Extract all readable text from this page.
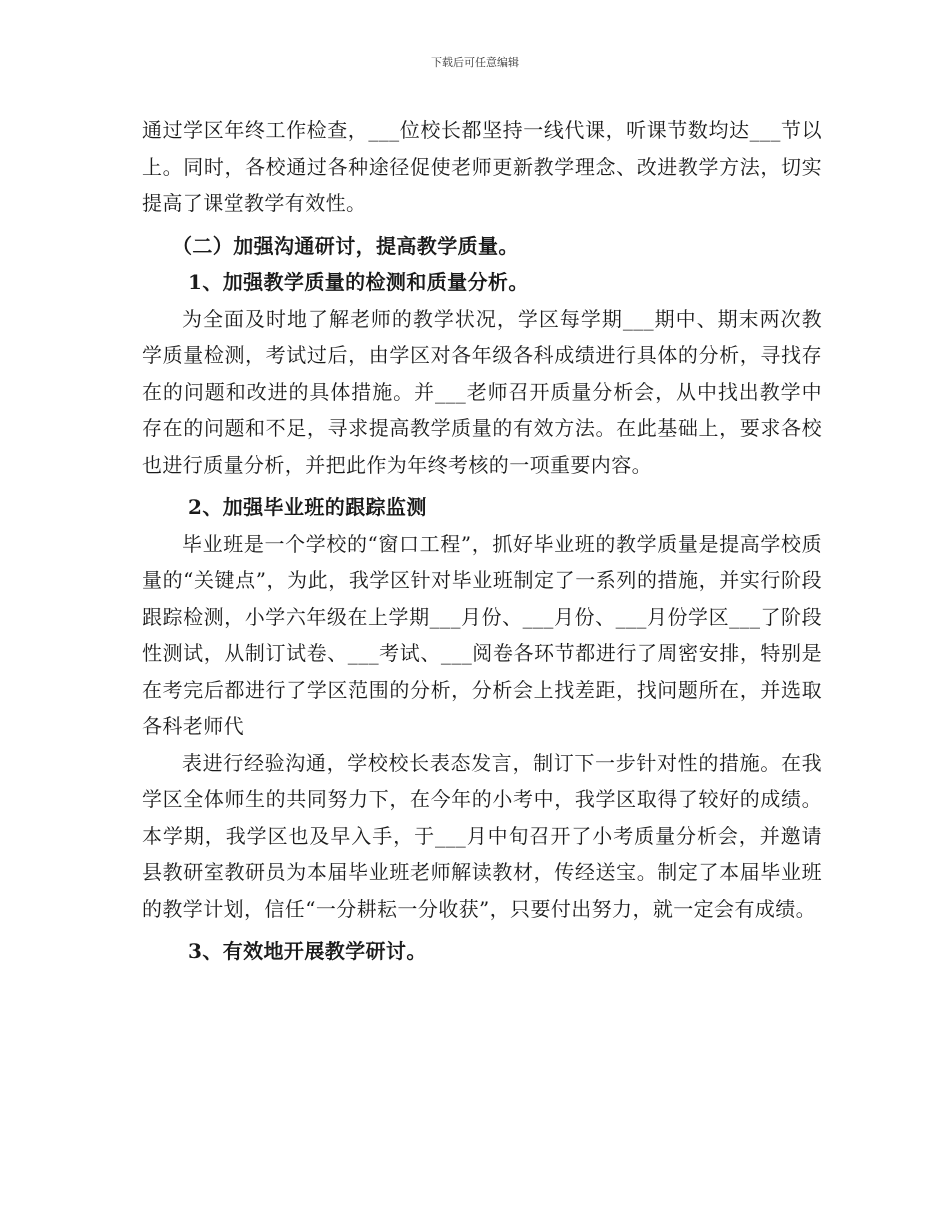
下载后可任意编辑

通过学区年终工作检查，___位校长都坚持一线代课，听课节数均达___节以上。同时，各校通过各种途径促使老师更新教学理念、改进教学方法，切实提高了课堂教学有效性。

（二）加强沟通研讨，提高教学质量。

1、加强教学质量的检测和质量分析。

为全面及时地了解老师的教学状况，学区每学期___期中、期末两次教学质量检测，考试过后，由学区对各年级各科成绩进行具体的分析，寻找存在的问题和改进的具体措施。并___老师召开质量分析会，从中找出教学中存在的问题和不足，寻求提高教学质量的有效方法。在此基础上，要求各校也进行质量分析，并把此作为年终考核的一项重要内容。

2、加强毕业班的跟踪监测

毕业班是一个学校的“窗口工程”，抓好毕业班的教学质量是提高学校质量的“关键点”，为此，我学区针对毕业班制定了一系列的措施，并实行阶段跟踪检测，小学六年级在上学期___月份、___月份、___月份学区___了阶段性测试，从制订试卷、___考试、___阅卷各环节都进行了周密安排，特别是在考完后都进行了学区范围的分析，分析会上找差距，找问题所在，并选取各科老师代

表进行经验沟通，学校校长表态发言，制订下一步针对性的措施。在我学区全体师生的共同努力下，在今年的小考中，我学区取得了较好的成绩。本学期，我学区也及早入手，于___月中旬召开了小考质量分析会，并邀请县教研室教研员为本届毕业班老师解读教材，传经送宝。制定了本届毕业班的教学计划，信任“一分耕耘一分收获”，只要付出努力，就一定会有成绩。

3、有效地开展教学研讨。
